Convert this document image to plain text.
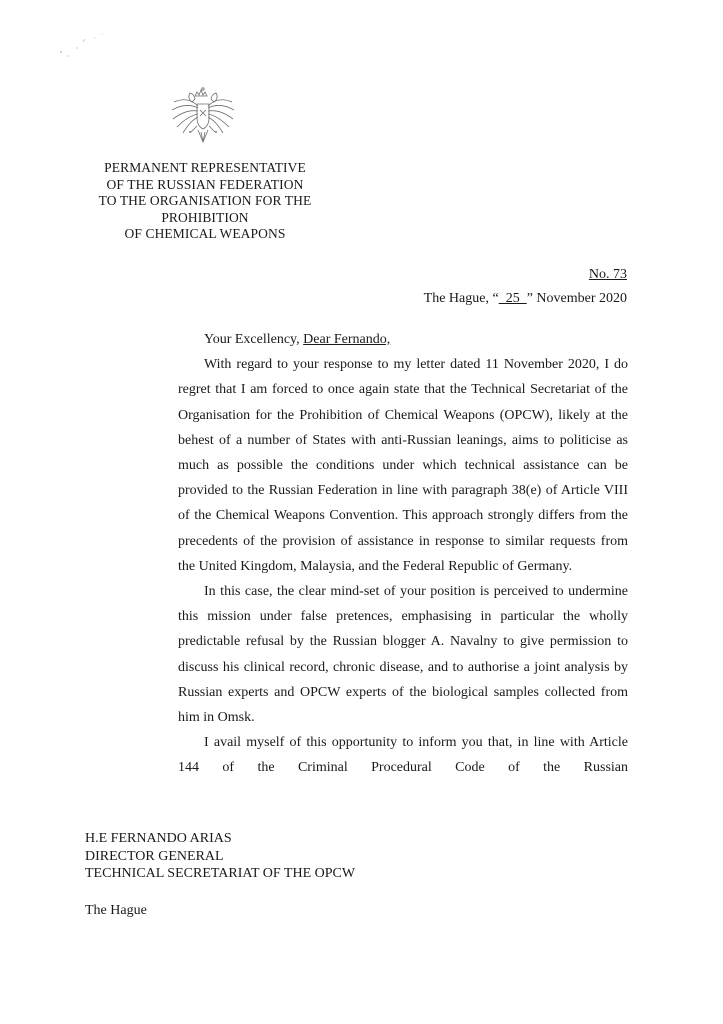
PERMANENT REPRESENTATIVE
OF THE RUSSIAN FEDERATION
TO THE ORGANISATION FOR THE
PROHIBITION
OF CHEMICAL WEAPONS
No. 73
The Hague, “  25  ” November 2020

Your Excellency, Dear Fernando,

With regard to your response to my letter dated 11 November 2020, I do regret that I am forced to once again state that the Technical Secretariat of the Organisation for the Prohibition of Chemical Weapons (OPCW), likely at the behest of a number of States with anti-Russian leanings, aims to politicise as much as possible the conditions under which technical assistance can be provided to the Russian Federation in line with paragraph 38(e) of Article VIII of the Chemical Weapons Convention. This approach strongly differs from the precedents of the provision of assistance in response to similar requests from the United Kingdom, Malaysia, and the Federal Republic of Germany.

In this case, the clear mind-set of your position is perceived to undermine this mission under false pretences, emphasising in particular the wholly predictable refusal by the Russian blogger A. Navalny to give permission to discuss his clinical record, chronic disease, and to authorise a joint analysis by Russian experts and OPCW experts of the biological samples collected from him in Omsk.

I avail myself of this opportunity to inform you that, in line with Article 144 of the Criminal Procedural Code of the Russian

H.E FERNANDO ARIAS
DIRECTOR GENERAL
TECHNICAL SECRETARIAT OF THE OPCW
The Hague
